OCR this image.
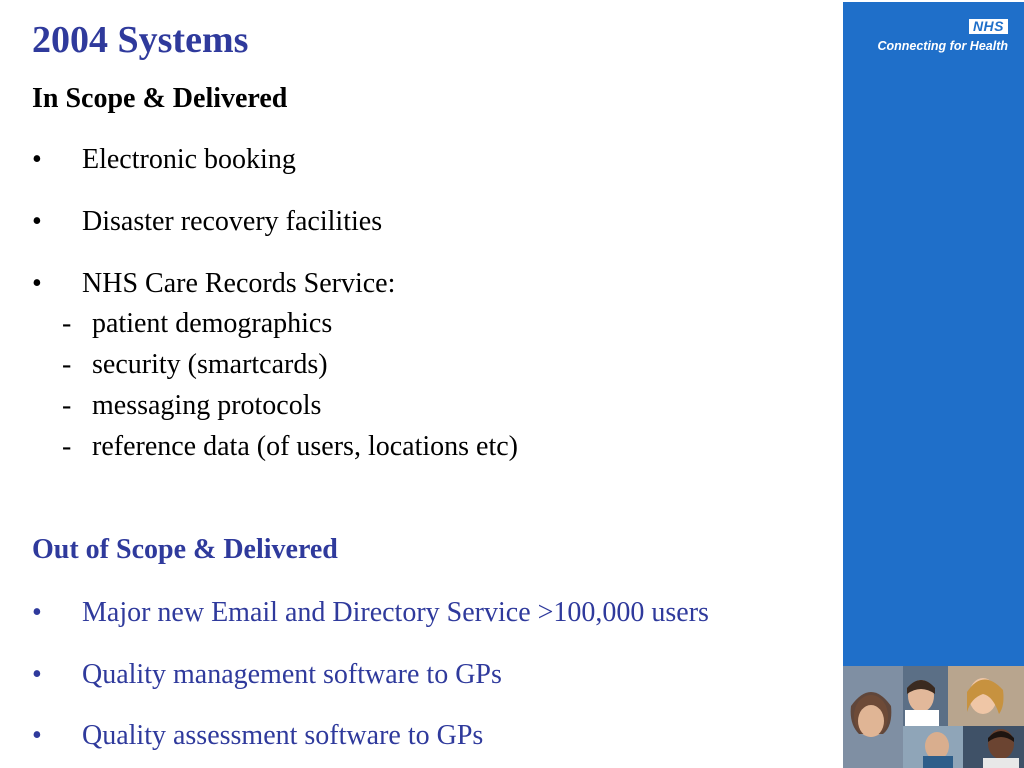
2004 Systems
In Scope & Delivered
• Electronic booking
• Disaster recovery facilities
• NHS Care Records Service:
- patient demographics
- security (smartcards)
- messaging protocols
- reference data (of users, locations etc)
Out of Scope & Delivered
• Major new Email and Directory Service >100,000 users
• Quality management software to GPs
• Quality assessment software to GPs
NHS
Connecting for Health
